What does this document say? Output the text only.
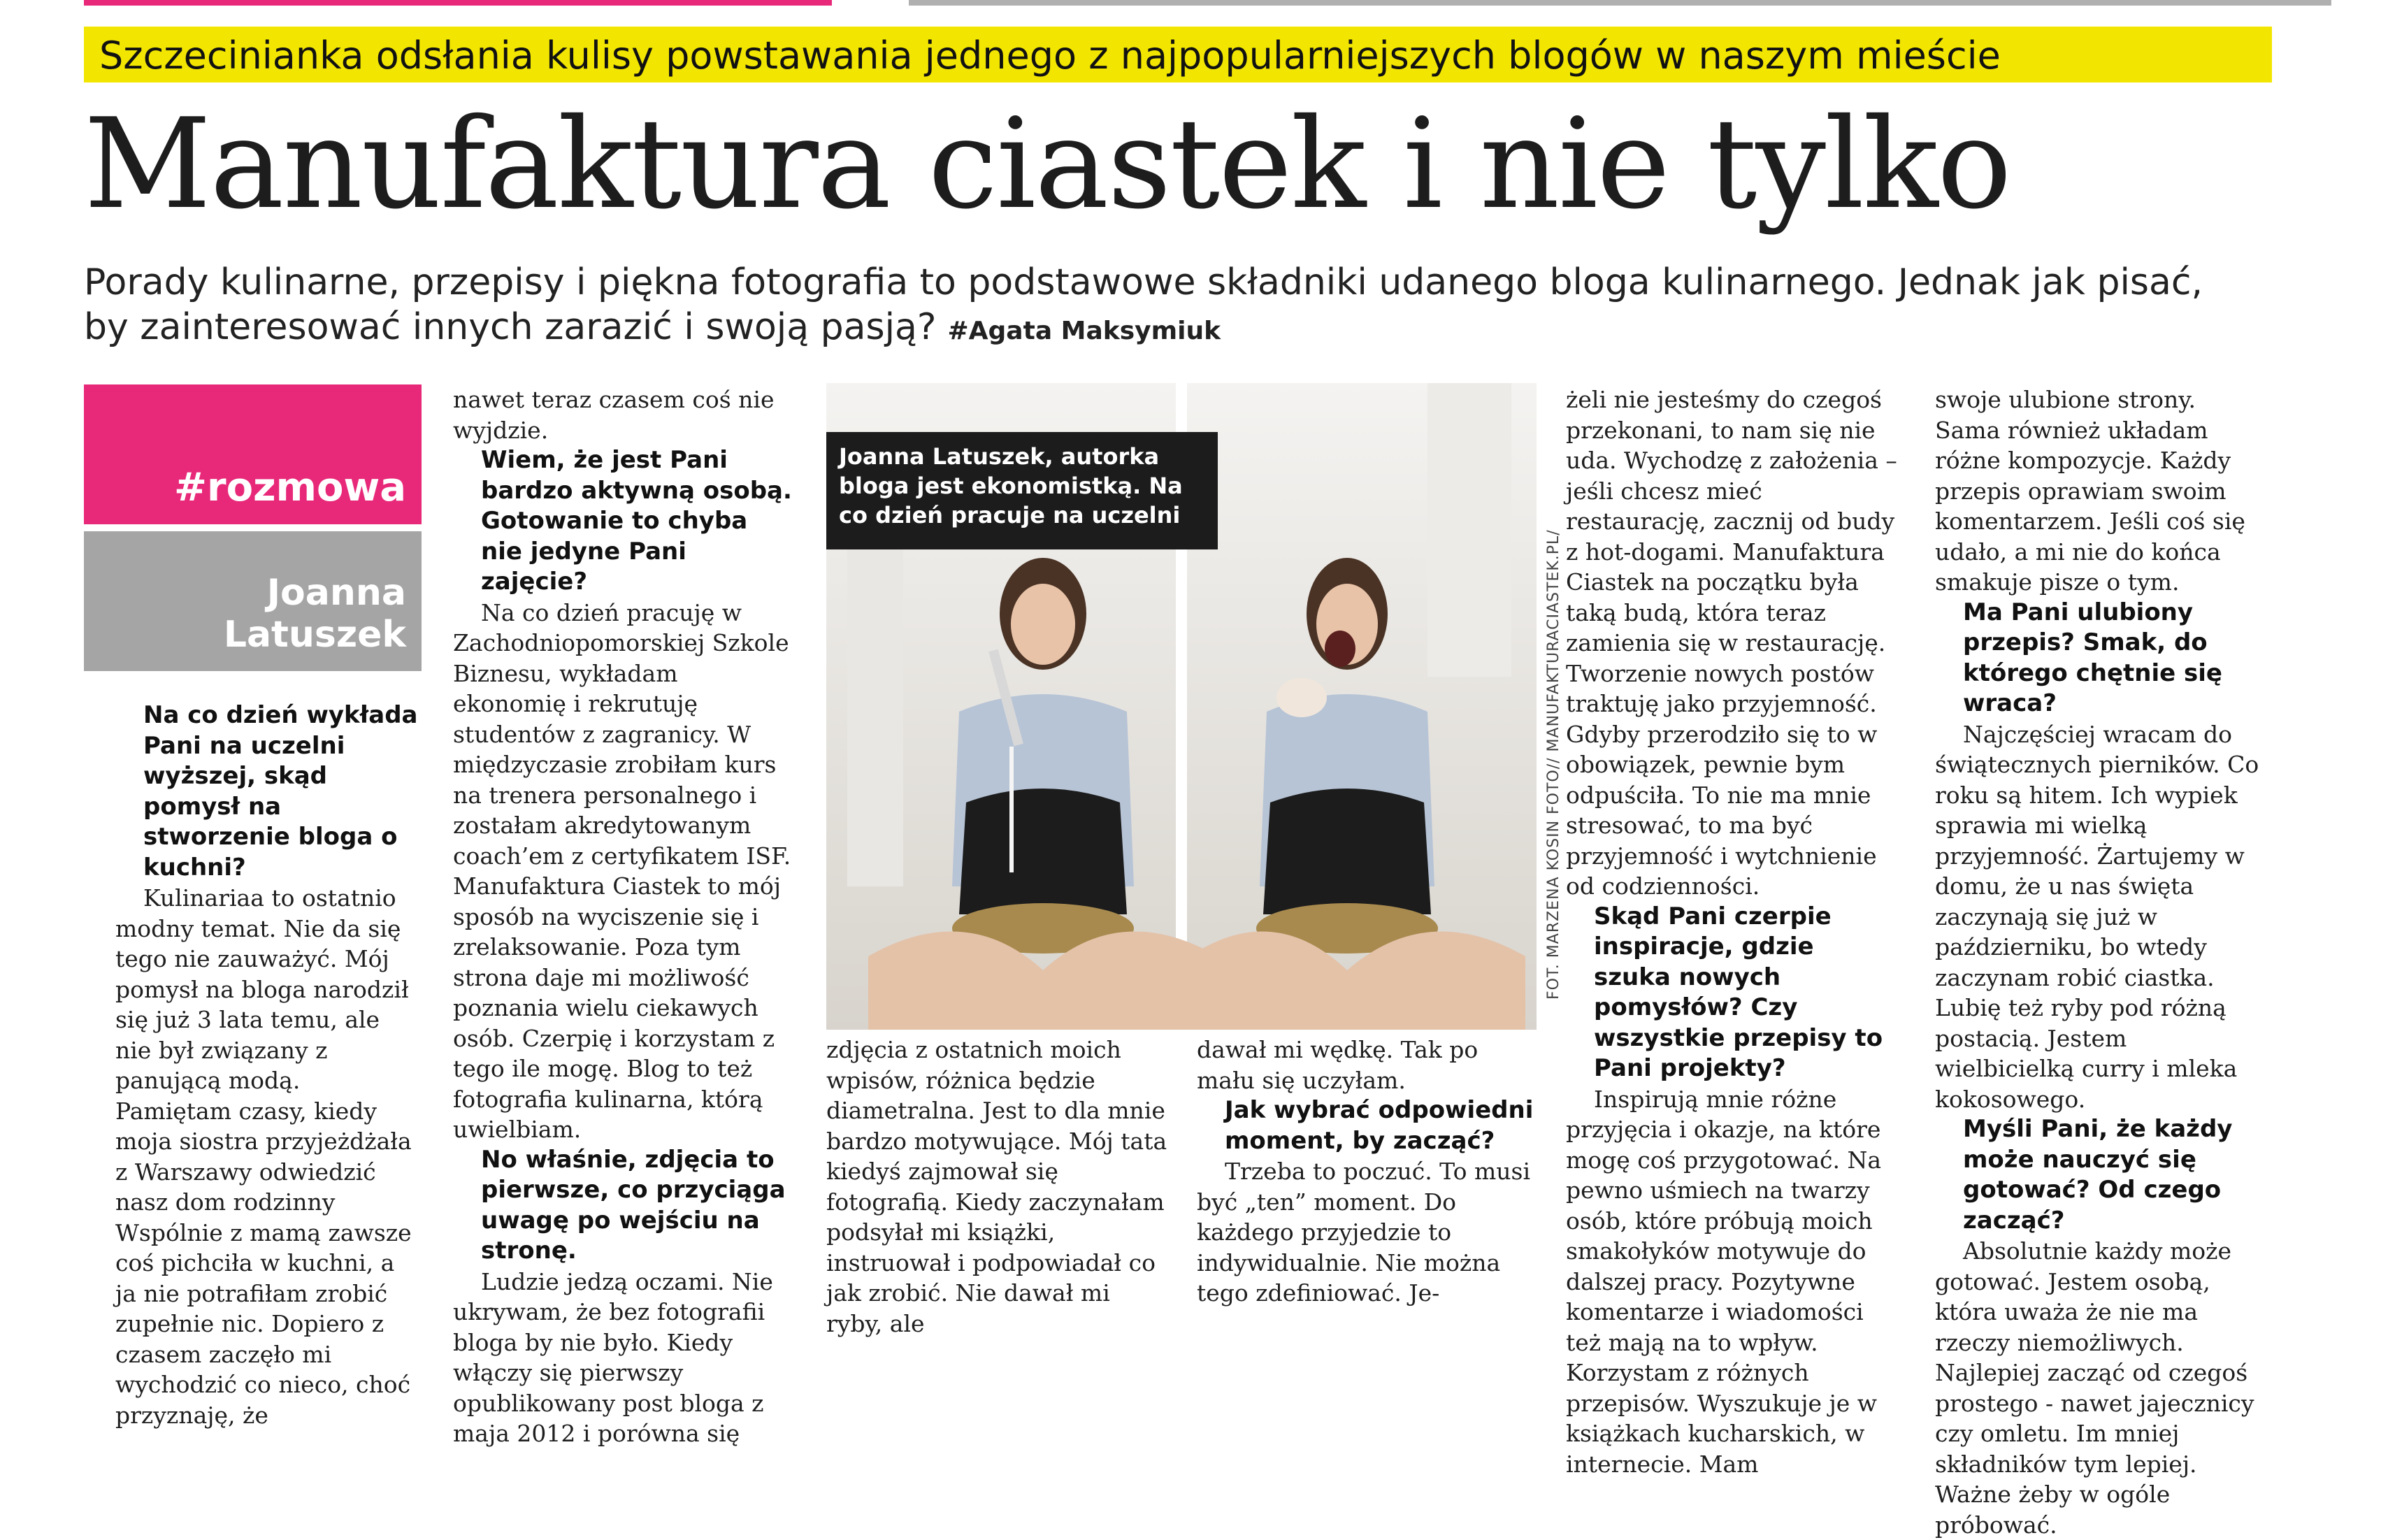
Szczecinianka odsłania kulisy powstawania jednego z najpopularniejszych blogów w naszym mieście
Manufaktura ciastek i nie tylko
Porady kulinarne, przepisy i piękna fotografia to podstawowe składniki udanego bloga kulinarnego. Jednak jak pisać, by zainteresować innych zarazić i swoją pasją? #Agata Maksymiuk
#rozmowa
Joanna Latuszek

Na co dzień wykłada Pani na uczelni wyższej, skąd pomysł na stworzenie bloga o kuchni?

Kulinariaa to ostatnio modny temat. Nie da się tego nie zauważyć. Mój pomysł na bloga narodził się już 3 lata temu, ale nie był związany z panującą modą. Pamiętam czasy, kiedy moja siostra przyjeżdżała z Warszawy odwiedzić nasz dom rodzinny Wspólnie z mamą zawsze coś pichciła w kuchni, a ja nie potrafiłam zrobić zupełnie nic. Dopiero z czasem zaczęło mi wychodzić co nieco, choć przyznaję, że

nawet teraz czasem coś nie wyjdzie.

Wiem, że jest Pani bardzo aktywną osobą. Gotowanie to chyba nie jedyne Pani zajęcie?

Na co dzień pracuję w Zachodniopomorskiej Szkole Biznesu, wykładam ekonomię i rekrutuję studentów z zagranicy. W międzyczasie zrobiłam kurs na trenera personalnego i zostałam akredytowanym coach’em z certyfikatem ISF. Manufaktura Ciastek to mój sposób na wyciszenie się i zrelaksowanie. Poza tym strona daje mi możliwość poznania wielu ciekawych osób. Czerpię i korzystam z tego ile mogę. Blog to też fotografia kulinarna, którą uwielbiam.

No właśnie, zdjęcia to pierwsze, co przyciąga uwagę po wejściu na stronę.

Ludzie jedzą oczami. Nie ukrywam, że bez fotografii bloga by nie było. Kiedy włączy się pierwszy opublikowany post bloga z maja 2012 i porówna się

Joanna Latuszek, autorka bloga jest ekonomistką. Na co dzień pracuje na uczelni
FOT. MARZENA KOSIN FOTO// MANUFAKTURACIASTEK.PL/

zdjęcia z ostatnich moich wpisów, różnica będzie diametralna. Jest to dla mnie bardzo motywujące. Mój tata kiedyś zajmował się fotografią. Kiedy zaczynałam podsyłał mi książki, instruował i podpowiadał co jak zrobić. Nie dawał mi ryby, ale

dawał mi wędkę. Tak po mału się uczyłam.

Jak wybrać odpowiedni moment, by zacząć?

Trzeba to poczuć. To musi być „ten” moment. Do każdego przyjedzie to indywidualnie. Nie można tego zdefiniować. Je-

żeli nie jesteśmy do czegoś przekonani, to nam się nie uda. Wychodzę z założenia – jeśli chcesz mieć restaurację, zacznij od budy z hot-dogami. Manufaktura Ciastek na początku była taką budą, która teraz zamienia się w restaurację. Tworzenie nowych postów traktuję jako przyjemność. Gdyby przerodziło się to w obowiązek, pewnie bym odpuściła. To nie ma mnie stresować, to ma być przyjemność i wytchnienie od codzienności.

Skąd Pani czerpie inspiracje, gdzie szuka nowych pomysłów? Czy wszystkie przepisy to Pani projekty?

Inspirują mnie różne przyjęcia i okazje, na które mogę coś przygotować. Na pewno uśmiech na twarzy osób, które próbują moich smakołyków motywuje do dalszej pracy. Pozytywne komentarze i wiadomości też mają na to wpływ. Korzystam z różnych przepisów. Wyszukuje je w książkach kucharskich, w internecie. Mam

swoje ulubione strony. Sama również układam różne kompozycje. Każdy przepis oprawiam swoim komentarzem. Jeśli coś się udało, a mi nie do końca smakuje pisze o tym.

Ma Pani ulubiony przepis? Smak, do którego chętnie się wraca?

Najczęściej wracam do świątecznych pierników. Co roku są hitem. Ich wypiek sprawia mi wielką przyjemność. Żartujemy w domu, że u nas święta zaczynają się już w październiku, bo wtedy zaczynam robić ciastka. Lubię też ryby pod różną postacią. Jestem wielbicielką curry i mleka kokosowego.

Myśli Pani, że każdy może nauczyć się gotować? Od czego zacząć?

Absolutnie każdy może gotować. Jestem osobą, która uważa że nie ma rzeczy niemożliwych. Najlepiej zacząć od czegoś prostego - nawet jajecznicy czy omletu. Im mniej składników tym lepiej. Ważne żeby w ogóle próbować.
